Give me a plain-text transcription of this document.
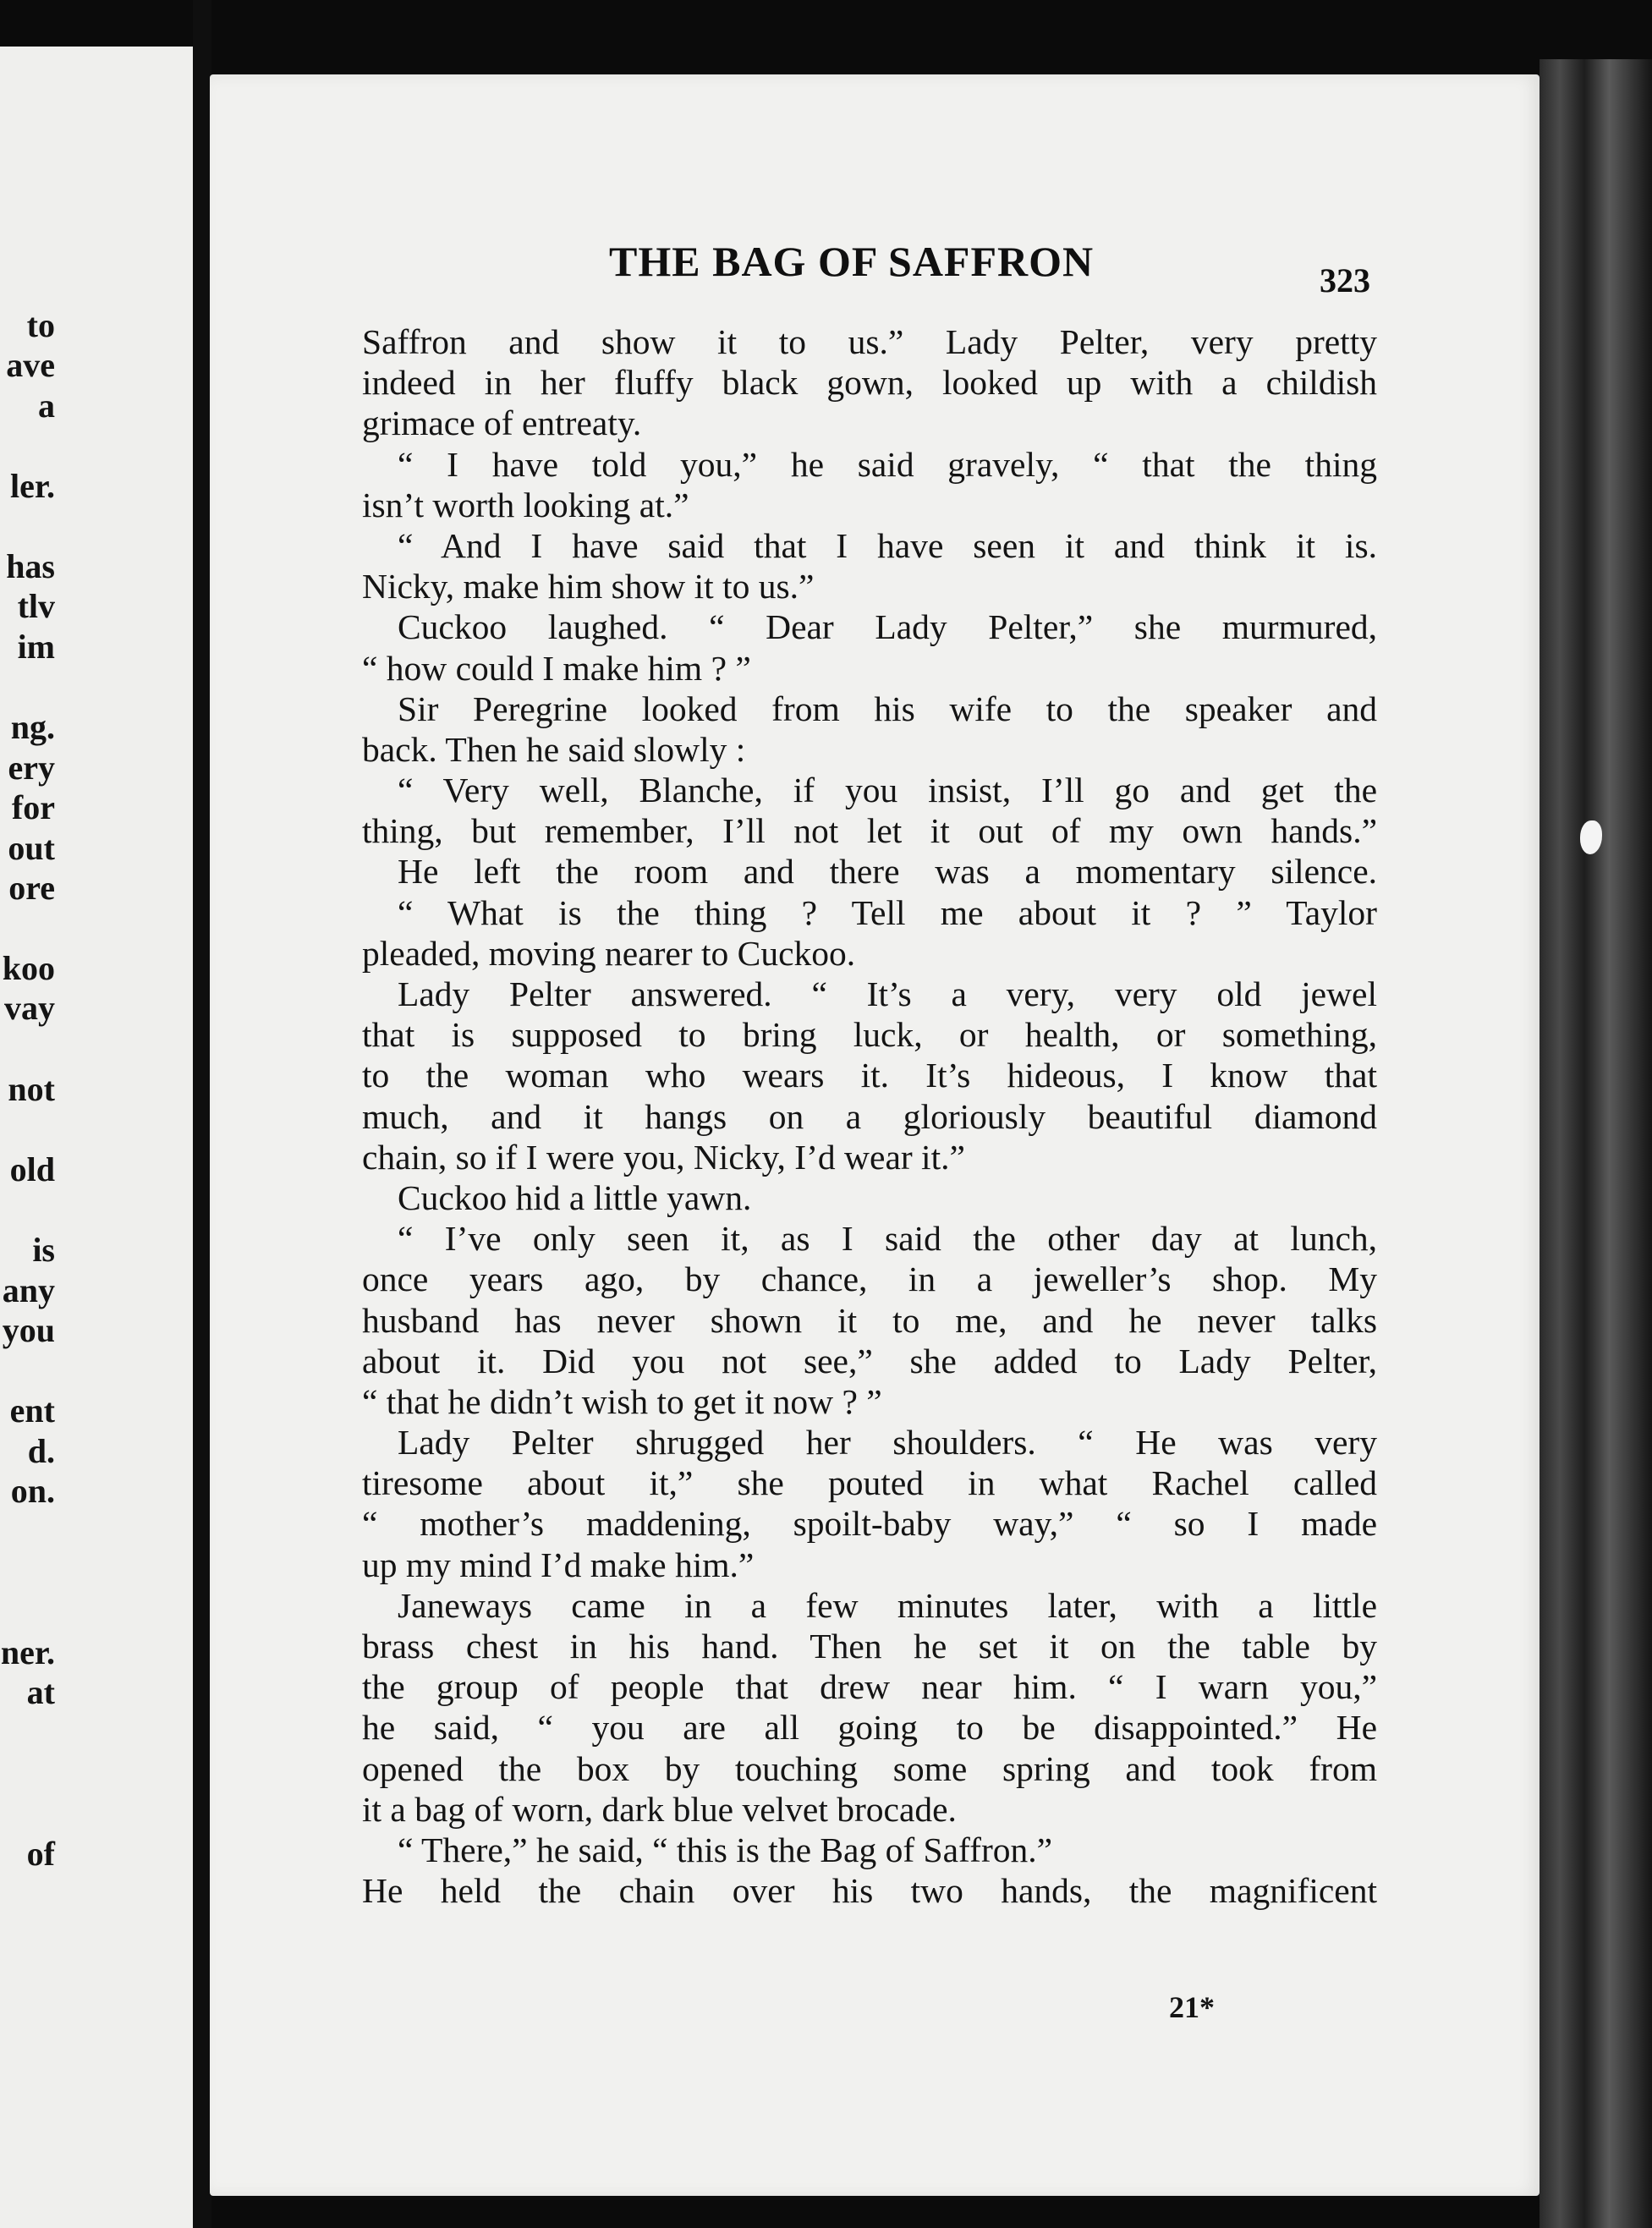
to
ave
a
ler.
has
tlv
im
ng.
ery
for
out
ore
koo
vay
not
old
is
any
you
ent
d.
on.
ner.
at
of
THE BAG OF SAFFRON	323
Saffron and show it to us.” Lady Pelter, very pretty
indeed in her fluffy black gown, looked up with a childish
grimace of entreaty.
“ I have told you,” he said gravely, “ that the thing
isn’t worth looking at.”
“ And I have said that I have seen it and think it is.
Nicky, make him show it to us.”
Cuckoo laughed. “ Dear Lady Pelter,” she murmured,
“ how could I make him ? ”
Sir Peregrine looked from his wife to the speaker and
back. Then he said slowly :
“ Very well, Blanche, if you insist, I’ll go and get the
thing, but remember, I’ll not let it out of my own hands.”
He left the room and there was a momentary silence.
“ What is the thing ? Tell me about it ? ” Taylor
pleaded, moving nearer to Cuckoo.
Lady Pelter answered. “ It’s a very, very old jewel
that is supposed to bring luck, or health, or something,
to the woman who wears it. It’s hideous, I know that
much, and it hangs on a gloriously beautiful diamond
chain, so if I were you, Nicky, I’d wear it.”
Cuckoo hid a little yawn.
“ I’ve only seen it, as I said the other day at lunch,
once years ago, by chance, in a jeweller’s shop. My
husband has never shown it to me, and he never talks
about it. Did you not see,” she added to Lady Pelter,
“ that he didn’t wish to get it now ? ”
Lady Pelter shrugged her shoulders. “ He was very
tiresome about it,” she pouted in what Rachel called
“ mother’s maddening, spoilt-baby way,” “ so I made
up my mind I’d make him.”
Janeways came in a few minutes later, with a little
brass chest in his hand. Then he set it on the table by
the group of people that drew near him. “ I warn you,”
he said, “ you are all going to be disappointed.” He
opened the box by touching some spring and took from
it a bag of worn, dark blue velvet brocade.
“ There,” he said, “ this is the Bag of Saffron.”
He held the chain over his two hands, the magnificent
21*
